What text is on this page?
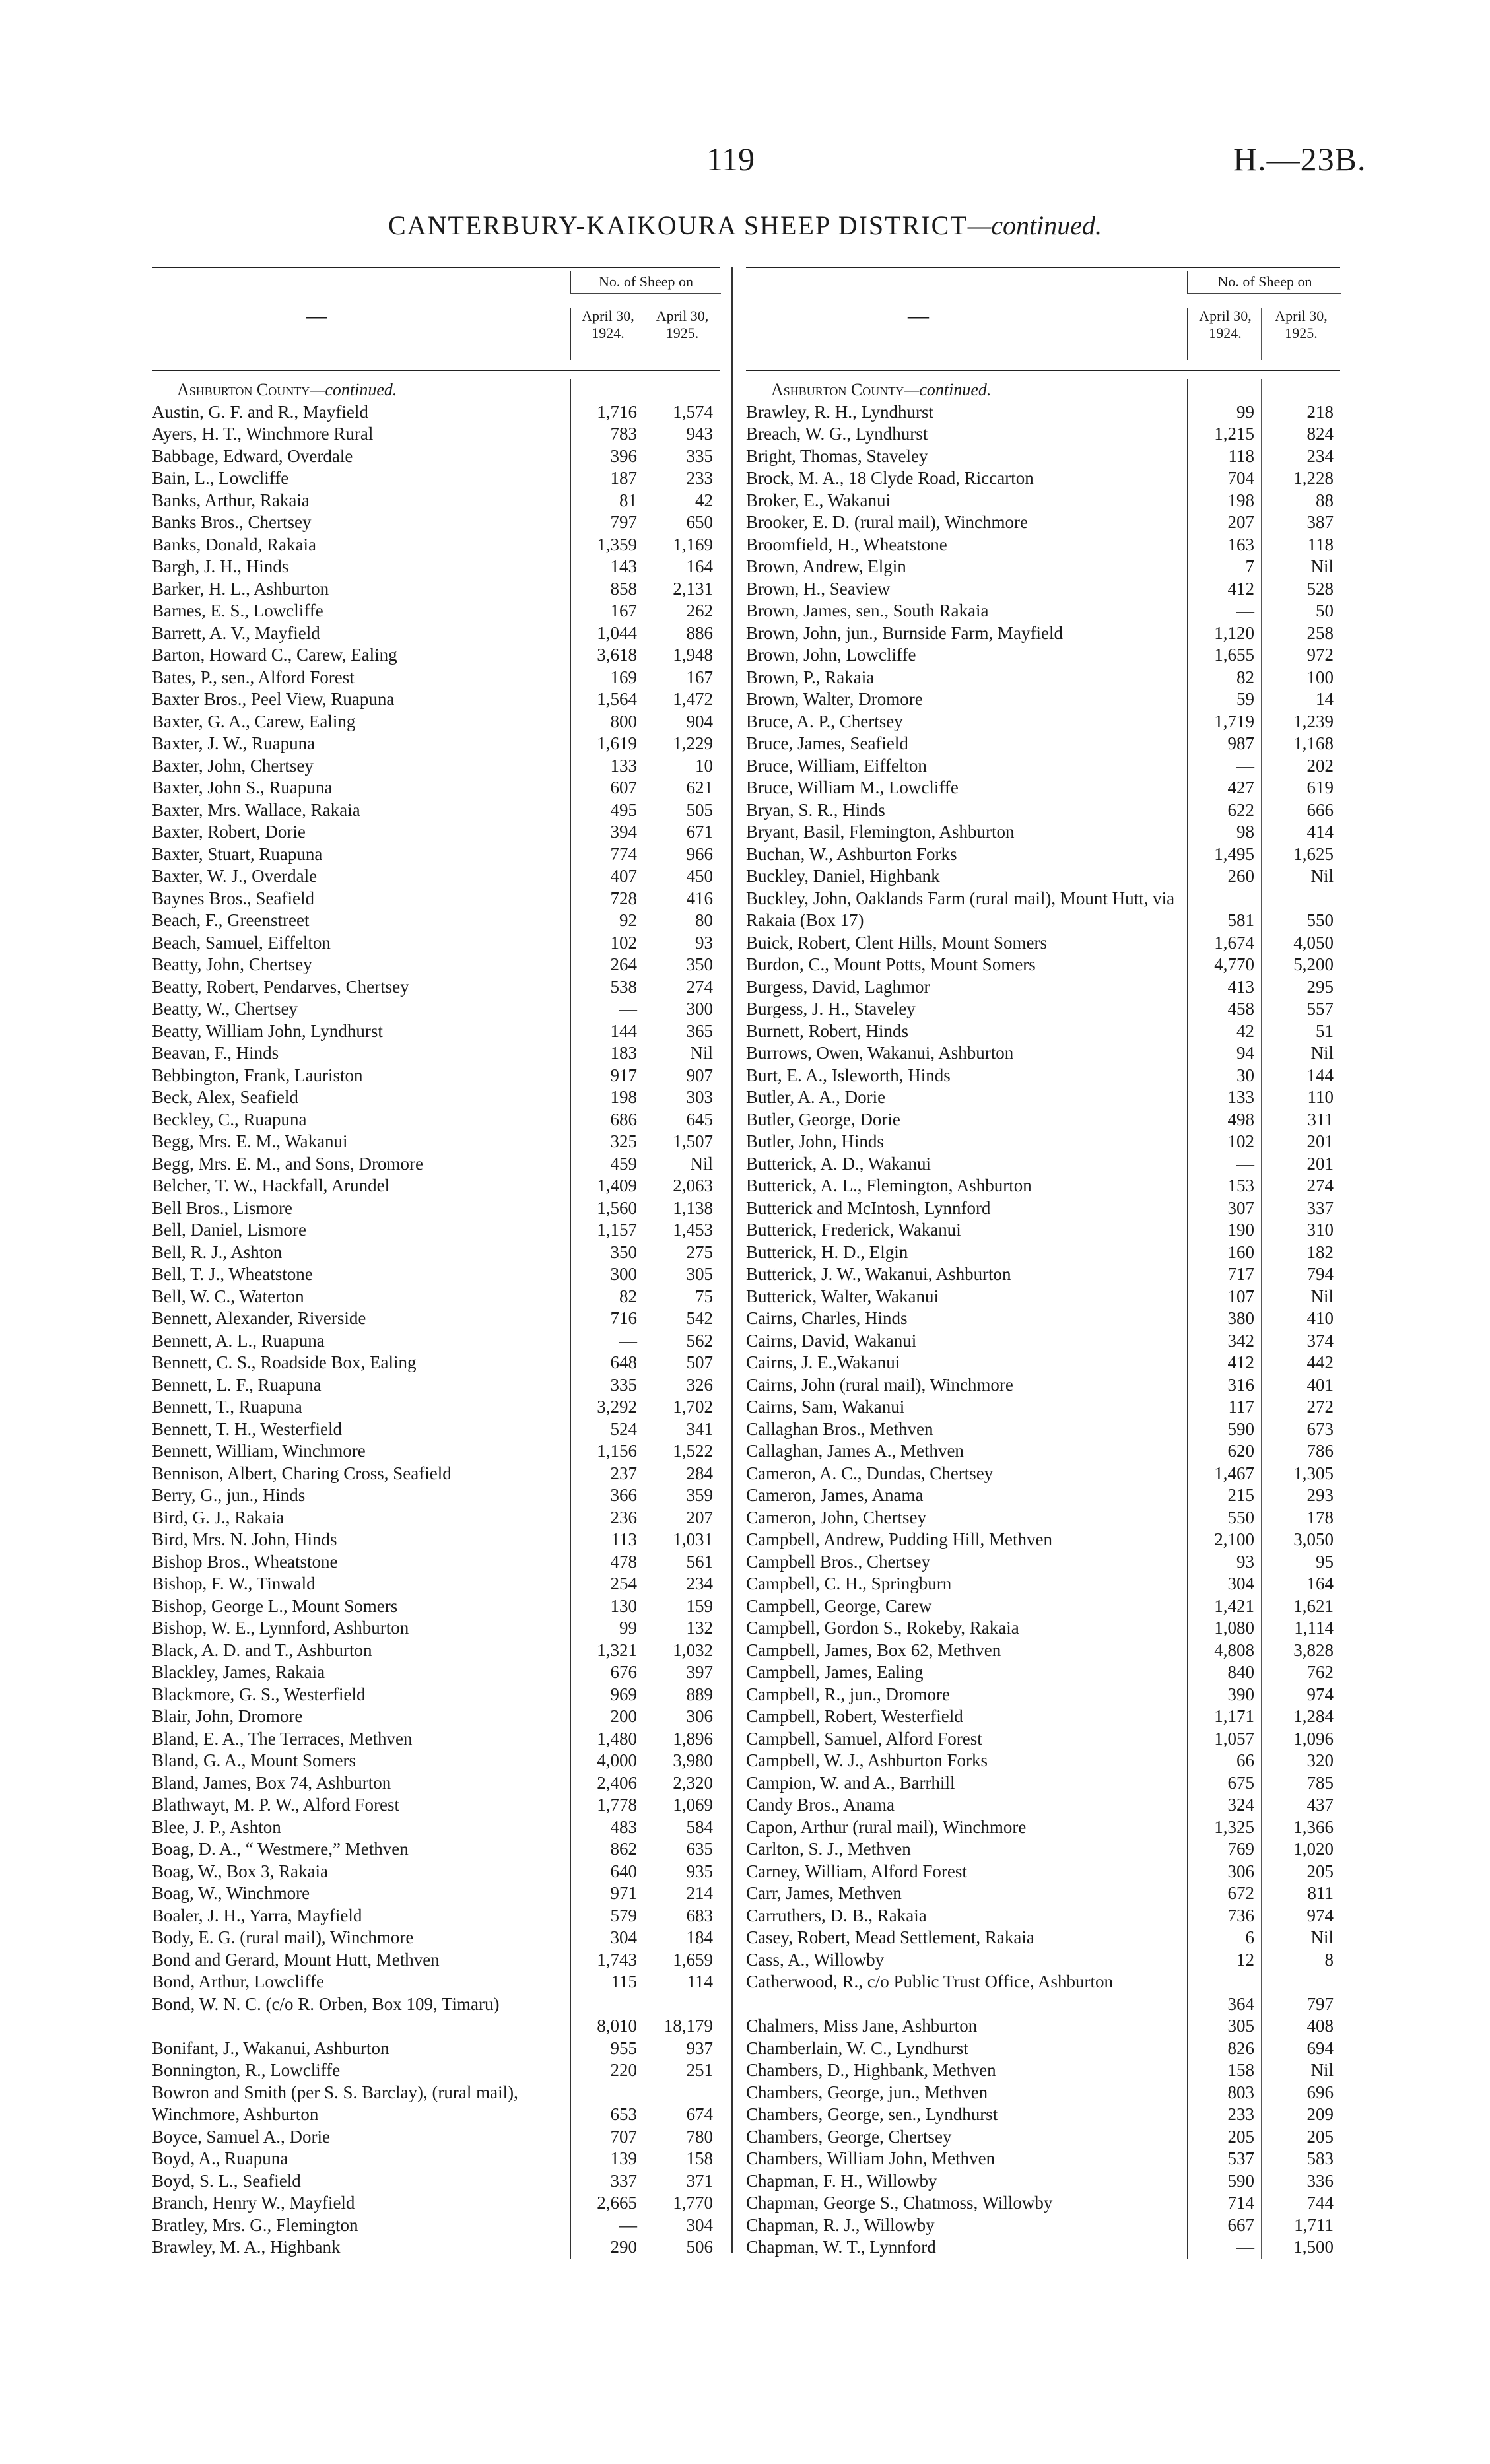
119	H.—23B.
CANTERBURY-KAIKOURA SHEEP DISTRICT—continued.
—
No. of Sheep on
April 30, 1924.
April 30, 1925.
Ashburton County—continued.
Austin, G. F. and R., Mayfield	1,716	1,574
Ayers, H. T., Winchmore Rural	783	943
Babbage, Edward, Overdale	396	335
Bain, L., Lowcliffe	187	233
Banks, Arthur, Rakaia	81	42
Banks Bros., Chertsey	797	650
Banks, Donald, Rakaia	1,359	1,169
Bargh, J. H., Hinds	143	164
Barker, H. L., Ashburton	858	2,131
Barnes, E. S., Lowcliffe	167	262
Barrett, A. V., Mayfield	1,044	886
Barton, Howard C., Carew, Ealing	3,618	1,948
Bates, P., sen., Alford Forest	169	167
Baxter Bros., Peel View, Ruapuna	1,564	1,472
Baxter, G. A., Carew, Ealing	800	904
Baxter, J. W., Ruapuna	1,619	1,229
Baxter, John, Chertsey	133	10
Baxter, John S., Ruapuna	607	621
Baxter, Mrs. Wallace, Rakaia	495	505
Baxter, Robert, Dorie	394	671
Baxter, Stuart, Ruapuna	774	966
Baxter, W. J., Overdale	407	450
Baynes Bros., Seafield	728	416
Beach, F., Greenstreet	92	80
Beach, Samuel, Eiffelton	102	93
Beatty, John, Chertsey	264	350
Beatty, Robert, Pendarves, Chertsey	538	274
Beatty, W., Chertsey	—	300
Beatty, William John, Lyndhurst	144	365
Beavan, F., Hinds	183	Nil
Bebbington, Frank, Lauriston	917	907
Beck, Alex, Seafield	198	303
Beckley, C., Ruapuna	686	645
Begg, Mrs. E. M., Wakanui	325	1,507
Begg, Mrs. E. M., and Sons, Dromore	459	Nil
Belcher, T. W., Hackfall, Arundel	1,409	2,063
Bell Bros., Lismore	1,560	1,138
Bell, Daniel, Lismore	1,157	1,453
Bell, R. J., Ashton	350	275
Bell, T. J., Wheatstone	300	305
Bell, W. C., Waterton	82	75
Bennett, Alexander, Riverside	716	542
Bennett, A. L., Ruapuna	—	562
Bennett, C. S., Roadside Box, Ealing	648	507
Bennett, L. F., Ruapuna	335	326
Bennett, T., Ruapuna	3,292	1,702
Bennett, T. H., Westerfield	524	341
Bennett, William, Winchmore	1,156	1,522
Bennison, Albert, Charing Cross, Seafield	237	284
Berry, G., jun., Hinds	366	359
Bird, G. J., Rakaia	236	207
Bird, Mrs. N. John, Hinds	113	1,031
Bishop Bros., Wheatstone	478	561
Bishop, F. W., Tinwald	254	234
Bishop, George L., Mount Somers	130	159
Bishop, W. E., Lynnford, Ashburton	99	132
Black, A. D. and T., Ashburton	1,321	1,032
Blackley, James, Rakaia	676	397
Blackmore, G. S., Westerfield	969	889
Blair, John, Dromore	200	306
Bland, E. A., The Terraces, Methven	1,480	1,896
Bland, G. A., Mount Somers	4,000	3,980
Bland, James, Box 74, Ashburton	2,406	2,320
Blathwayt, M. P. W., Alford Forest	1,778	1,069
Blee, J. P., Ashton	483	584
Boag, D. A., “ Westmere,” Methven	862	635
Boag, W., Box 3, Rakaia	640	935
Boag, W., Winchmore	971	214
Boaler, J. H., Yarra, Mayfield	579	683
Body, E. G. (rural mail), Winchmore	304	184
Bond and Gerard, Mount Hutt, Methven	1,743	1,659
Bond, Arthur, Lowcliffe	115	114
Bond, W. N. C. (c/o R. Orben, Box 109, Timaru)
8,010	18,179
Bonifant, J., Wakanui, Ashburton	955	937
Bonnington, R., Lowcliffe	220	251
Bowron and Smith (per S. S. Barclay), (rural mail), Winchmore, Ashburton	653	674
Boyce, Samuel A., Dorie	707	780
Boyd, A., Ruapuna	139	158
Boyd, S. L., Seafield	337	371
Branch, Henry W., Mayfield	2,665	1,770
Bratley, Mrs. G., Flemington	—	304
Brawley, M. A., Highbank	290	506
—
No. of Sheep on
April 30, 1924.
April 30, 1925.
Ashburton County—continued.
Brawley, R. H., Lyndhurst	99	218
Breach, W. G., Lyndhurst	1,215	824
Bright, Thomas, Staveley	118	234
Brock, M. A., 18 Clyde Road, Riccarton	704	1,228
Broker, E., Wakanui	198	88
Brooker, E. D. (rural mail), Winchmore	207	387
Broomfield, H., Wheatstone	163	118
Brown, Andrew, Elgin	7	Nil
Brown, H., Seaview	412	528
Brown, James, sen., South Rakaia	—	50
Brown, John, jun., Burnside Farm, Mayfield	1,120	258
Brown, John, Lowcliffe	1,655	972
Brown, P., Rakaia	82	100
Brown, Walter, Dromore	59	14
Bruce, A. P., Chertsey	1,719	1,239
Bruce, James, Seafield	987	1,168
Bruce, William, Eiffelton	—	202
Bruce, William M., Lowcliffe	427	619
Bryan, S. R., Hinds	622	666
Bryant, Basil, Flemington, Ashburton	98	414
Buchan, W., Ashburton Forks	1,495	1,625
Buckley, Daniel, Highbank	260	Nil
Buckley, John, Oaklands Farm (rural mail), Mount Hutt, via Rakaia (Box 17)	581	550
Buick, Robert, Clent Hills, Mount Somers	1,674	4,050
Burdon, C., Mount Potts, Mount Somers	4,770	5,200
Burgess, David, Laghmor	413	295
Burgess, J. H., Staveley	458	557
Burnett, Robert, Hinds	42	51
Burrows, Owen, Wakanui, Ashburton	94	Nil
Burt, E. A., Isleworth, Hinds	30	144
Butler, A. A., Dorie	133	110
Butler, George, Dorie	498	311
Butler, John, Hinds	102	201
Butterick, A. D., Wakanui	—	201
Butterick, A. L., Flemington, Ashburton	153	274
Butterick and McIntosh, Lynnford	307	337
Butterick, Frederick, Wakanui	190	310
Butterick, H. D., Elgin	160	182
Butterick, J. W., Wakanui, Ashburton	717	794
Butterick, Walter, Wakanui	107	Nil
Cairns, Charles, Hinds	380	410
Cairns, David, Wakanui	342	374
Cairns, J. E.,Wakanui	412	442
Cairns, John (rural mail), Winchmore	316	401
Cairns, Sam, Wakanui	117	272
Callaghan Bros., Methven	590	673
Callaghan, James A., Methven	620	786
Cameron, A. C., Dundas, Chertsey	1,467	1,305
Cameron, James, Anama	215	293
Cameron, John, Chertsey	550	178
Campbell, Andrew, Pudding Hill, Methven	2,100	3,050
Campbell Bros., Chertsey	93	95
Campbell, C. H., Springburn	304	164
Campbell, George, Carew	1,421	1,621
Campbell, Gordon S., Rokeby, Rakaia	1,080	1,114
Campbell, James, Box 62, Methven	4,808	3,828
Campbell, James, Ealing	840	762
Campbell, R., jun., Dromore	390	974
Campbell, Robert, Westerfield	1,171	1,284
Campbell, Samuel, Alford Forest	1,057	1,096
Campbell, W. J., Ashburton Forks	66	320
Campion, W. and A., Barrhill	675	785
Candy Bros., Anama	324	437
Capon, Arthur (rural mail), Winchmore	1,325	1,366
Carlton, S. J., Methven	769	1,020
Carney, William, Alford Forest	306	205
Carr, James, Methven	672	811
Carruthers, D. B., Rakaia	736	974
Casey, Robert, Mead Settlement, Rakaia	6	Nil
Cass, A., Willowby	12	8
Catherwood, R., c/o Public Trust Office, Ashburton
364	797
Chalmers, Miss Jane, Ashburton	305	408
Chamberlain, W. C., Lyndhurst	826	694
Chambers, D., Highbank, Methven	158	Nil
Chambers, George, jun., Methven	803	696
Chambers, George, sen., Lyndhurst	233	209
Chambers, George, Chertsey	205	205
Chambers, William John, Methven	537	583
Chapman, F. H., Willowby	590	336
Chapman, George S., Chatmoss, Willowby	714	744
Chapman, R. J., Willowby	667	1,711
Chapman, W. T., Lynnford	—	1,500
